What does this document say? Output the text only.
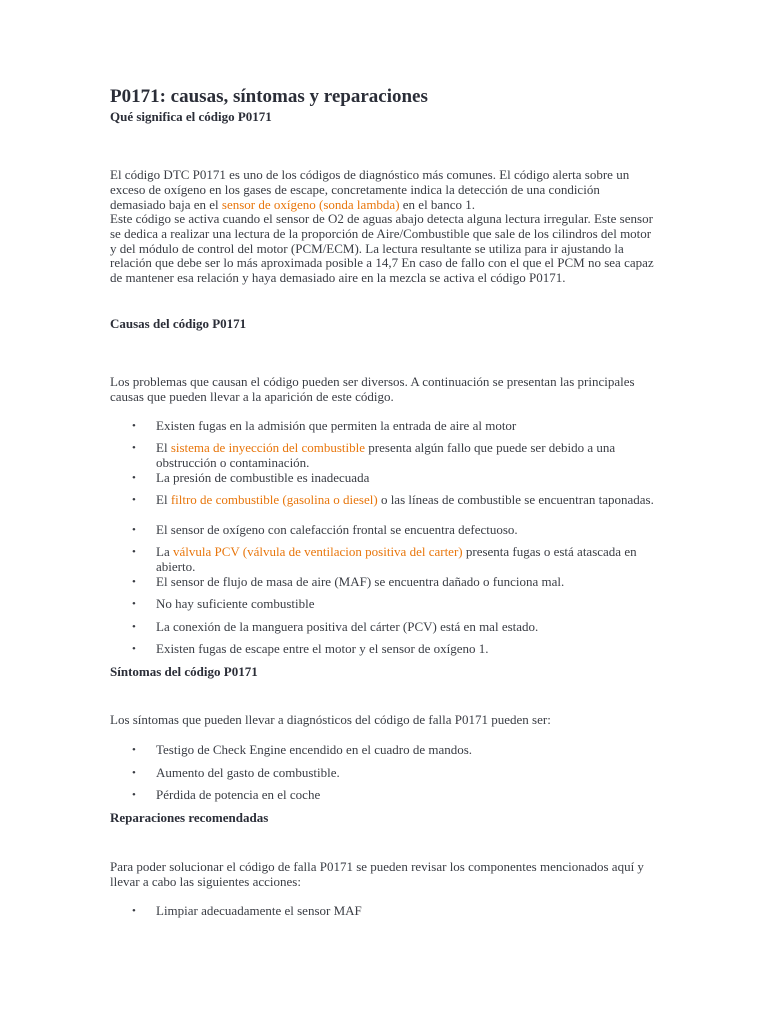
P0171: causas, síntomas y reparaciones
Qué significa el código P0171

El código DTC P0171 es uno de los códigos de diagnóstico más comunes. El código alerta sobre un exceso de oxígeno en los gases de escape, concretamente indica la detección de una condición demasiado baja en el sensor de oxígeno (sonda lambda) en el banco 1.

Este código se activa cuando el sensor de O2 de aguas abajo detecta alguna lectura irregular. Este sensor se dedica a realizar una lectura de la proporción de Aire/Combustible que sale de los cilindros del motor y del módulo de control del motor (PCM/ECM). La lectura resultante se utiliza para ir ajustando la relación que debe ser lo más aproximada posible a 14,7 En caso de fallo con el que el PCM no sea capaz de mantener esa relación y haya demasiado aire en la mezcla se activa el código P0171.

Causas del código P0171

Los problemas que causan el código pueden ser diversos. A continuación se presentan las principales causas que pueden llevar a la aparición de este código.

• Existen fugas en la admisión que permiten la entrada de aire al motor
• El sistema de inyección del combustible presenta algún fallo que puede ser debido a una obstrucción o contaminación.
• La presión de combustible es inadecuada
• El filtro de combustible (gasolina o diesel) o las líneas de combustible se encuentran taponadas.
• El sensor de oxígeno con calefacción frontal se encuentra defectuoso.
• La válvula PCV (válvula de ventilacion positiva del carter) presenta fugas o está atascada en abierto.
• El sensor de flujo de masa de aire (MAF) se encuentra dañado o funciona mal.
• No hay suficiente combustible
• La conexión de la manguera positiva del cárter (PCV) está en mal estado.
• Existen fugas de escape entre el motor y el sensor de oxígeno 1.
Síntomas del código P0171

Los síntomas que pueden llevar a diagnósticos del código de falla P0171 pueden ser:

• Testigo de Check Engine encendido en el cuadro de mandos.
• Aumento del gasto de combustible.
• Pérdida de potencia en el coche
Reparaciones recomendadas

Para poder solucionar el código de falla P0171 se pueden revisar los componentes mencionados aquí y llevar a cabo las siguientes acciones:

• Limpiar adecuadamente el sensor MAF
